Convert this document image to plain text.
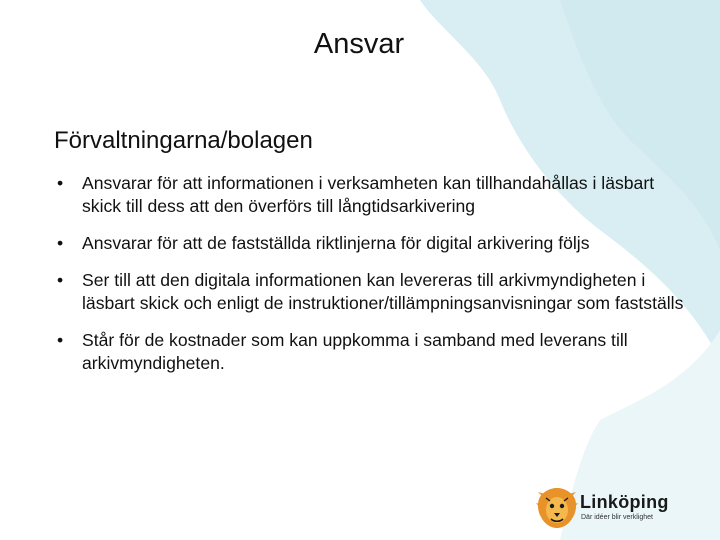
Ansvar
Förvaltningarna/bolagen
• Ansvarar för att informationen i verksamheten kan tillhandahållas i läsbart skick till dess att den överförs till långtidsarkivering
• Ansvarar för att de fastställda riktlinjerna för digital arkivering följs
• Ser till att den digitala informationen kan levereras till arkivmyndigheten i läsbart skick och enligt de instruktioner/tillämpningsanvisningar som fastställs
• Står för de kostnader som kan uppkomma i samband med leverans till arkivmyndigheten.
Linköping
Där idéer blir verklighet
